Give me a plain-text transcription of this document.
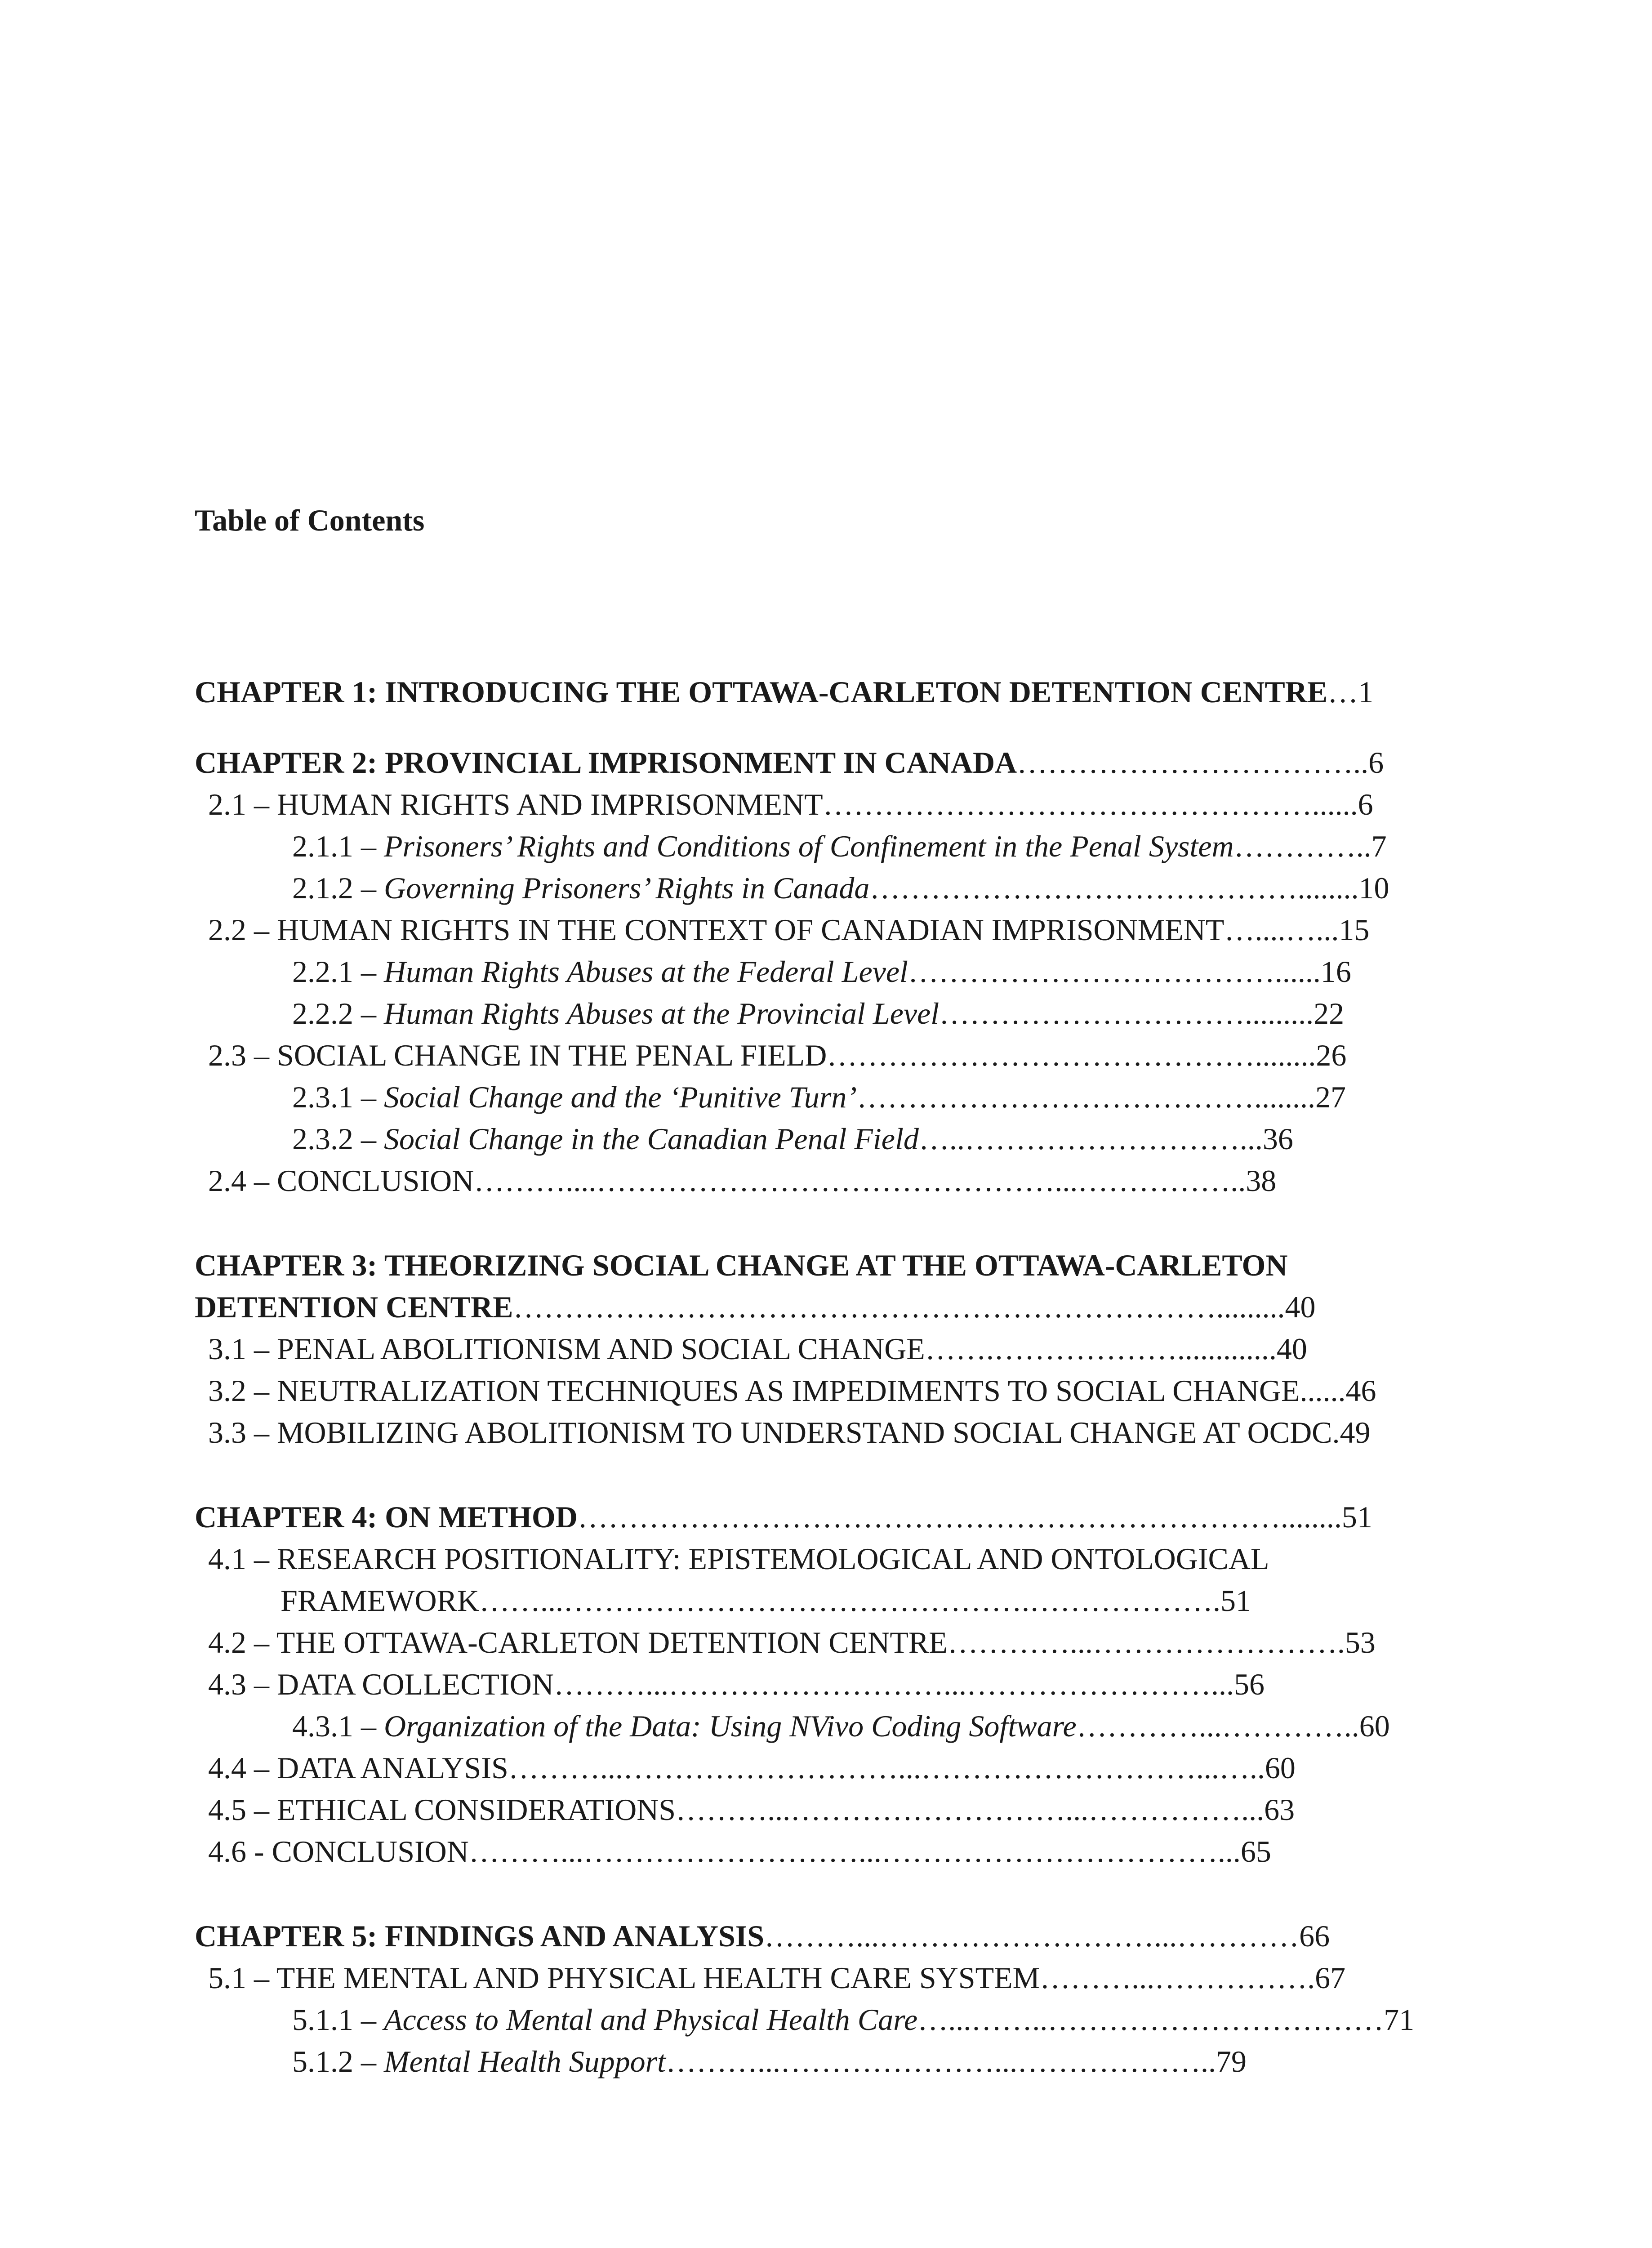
Table of Contents
CHAPTER 1: INTRODUCING THE OTTAWA-CARLETON DETENTION CENTRE…1
CHAPTER 2: PROVINCIAL IMPRISONMENT IN CANADA……………………………..6
2.1 – HUMAN RIGHTS AND IMPRISONMENT…………………………………………......6
2.1.1 – Prisoners’ Rights and Conditions of Confinement in the Penal System…………..7
2.1.2 – Governing Prisoners’ Rights in Canada……………………………………........10
2.2 – HUMAN RIGHTS IN THE CONTEXT OF CANADIAN IMPRISONMENT…....…...15
2.2.1 – Human Rights Abuses at the Federal Level………………………………......16
2.2.2 – Human Rights Abuses at the Provincial Level………………………….........22
2.3 – SOCIAL CHANGE IN THE PENAL FIELD……………………………………........26
2.3.1 – Social Change and the ‘Punitive Turn’…………………………………........27
2.3.2 – Social Change in the Canadian Penal Field…..………………………...36
2.4 – CONCLUSION………....………………………………………...……………..38
CHAPTER 3: THEORIZING SOCIAL CHANGE AT THE OTTAWA-CARLETON
DETENTION CENTRE…………………………………………………………….........40
3.1 – PENAL ABOLITIONISM AND SOCIAL CHANGE…….……………….............40
3.2 – NEUTRALIZATION TECHNIQUES AS IMPEDIMENTS TO SOCIAL CHANGE......46
3.3 – MOBILIZING ABOLITIONISM TO UNDERSTAND SOCIAL CHANGE AT OCDC.49
CHAPTER 4: ON METHOD……………………………………………………………........51
4.1 – RESEARCH POSITIONALITY: EPISTEMOLOGICAL AND ONTOLOGICAL
FRAMEWORK……...……………………………………….……………….51
4.2 – THE OTTAWA-CARLETON DETENTION CENTRE…………...…………………….53
4.3 – DATA COLLECTION………...………………………...……………………...56
4.3.1 – Organization of the Data: Using NVivo Coding Software…………...…………..60
4.4 – DATA ANALYSIS………...………………………...………………………...…..60
4.5 – ETHICAL CONSIDERATIONS………...………………………...……………...63
4.6 - CONCLUSION………...………………………...……………………………...65
CHAPTER 5: FINDINGS AND ANALYSIS………...………………………...…………66
5.1 – THE MENTAL AND PHYSICAL HEALTH CARE SYSTEM………...…………….67
5.1.1 – Access to Mental and Physical Health Care…...……..……………………………71
5.1.2 – Mental Health Support………...…………………...………………..79
